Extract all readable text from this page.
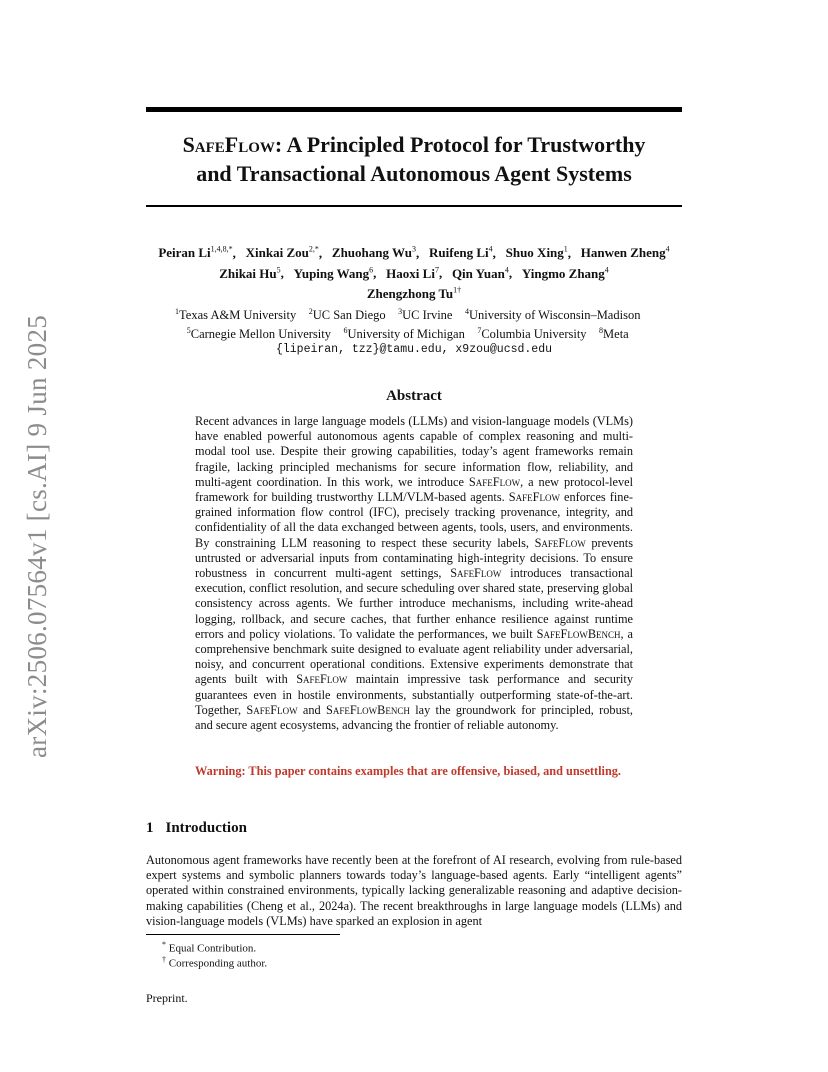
arXiv:2506.07564v1 [cs.AI] 9 Jun 2025
SafeFlow: A Principled Protocol for Trustworthy
and Transactional Autonomous Agent Systems
Peiran $Li^{1,4,8,*}$,   Xinkai Zou$^{2,*}$,   Zhuohang Wu$^3$,   Ruifeng Li$^4$,   Shuo Xing$^1$,   Hanwen Zheng$^4$
Zhikai Hu$^5$,   Yuping Wang$^6$,   Haoxi Li$^7$,   Qin Yuan$^4$,   Yingmo Zhang$^4$
Zhengzhong $Tu^{1\dagger}$
$^1$Texas A&M University $^2$UC San Diego $^3$UC Irvine $^4$University of Wisconsin–Madison
$^5$Carnegie Mellon University $^6$University of Michigan $^7$Columbia University $^8$Meta
{lipeiran, tzz}@tamu.edu, x9zou@ucsd.edu
Abstract
Recent advances in large language models (LLMs) and vision-language models (VLMs) have enabled powerful autonomous agents capable of complex reasoning and multi-modal tool use. Despite their growing capabilities, today’s agent frameworks remain fragile, lacking principled mechanisms for secure information flow, reliability, and multi-agent coordination. In this work, we introduce SafeFlow, a new protocol-level framework for building trustworthy LLM/VLM-based agents. SafeFlow enforces fine-grained information flow control (IFC), precisely tracking provenance, integrity, and confidentiality of all the data exchanged between agents, tools, users, and environments. By constraining LLM reasoning to respect these security labels, SafeFlow prevents untrusted or adversarial inputs from contaminating high-integrity decisions. To ensure robustness in concurrent multi-agent settings, SafeFlow introduces transactional execution, conflict resolution, and secure scheduling over shared state, preserving global consistency across agents. We further introduce mechanisms, including write-ahead logging, rollback, and secure caches, that further enhance resilience against runtime errors and policy violations. To validate the performances, we built SafeFlowBench, a comprehensive benchmark suite designed to evaluate agent reliability under adversarial, noisy, and concurrent operational conditions. Extensive experiments demonstrate that agents built with SafeFlow maintain impressive task performance and security guarantees even in hostile environments, substantially outperforming state-of-the-art. Together, SafeFlow and SafeFlowBench lay the groundwork for principled, robust, and secure agent ecosystems, advancing the frontier of reliable autonomy.
Warning: This paper contains examples that are offensive, biased, and unsettling.
1 Introduction
Autonomous agent frameworks have recently been at the forefront of AI research, evolving from rule-based expert systems and symbolic planners towards today’s language-based agents. Early “intelligent agents” operated within constrained environments, typically lacking generalizable reasoning and adaptive decision-making capabilities (Cheng et al., 2024a). The recent breakthroughs in large language models (LLMs) and vision-language models (VLMs) have sparked an explosion in agent
* Equal Contribution.
† Corresponding author.
Preprint.
